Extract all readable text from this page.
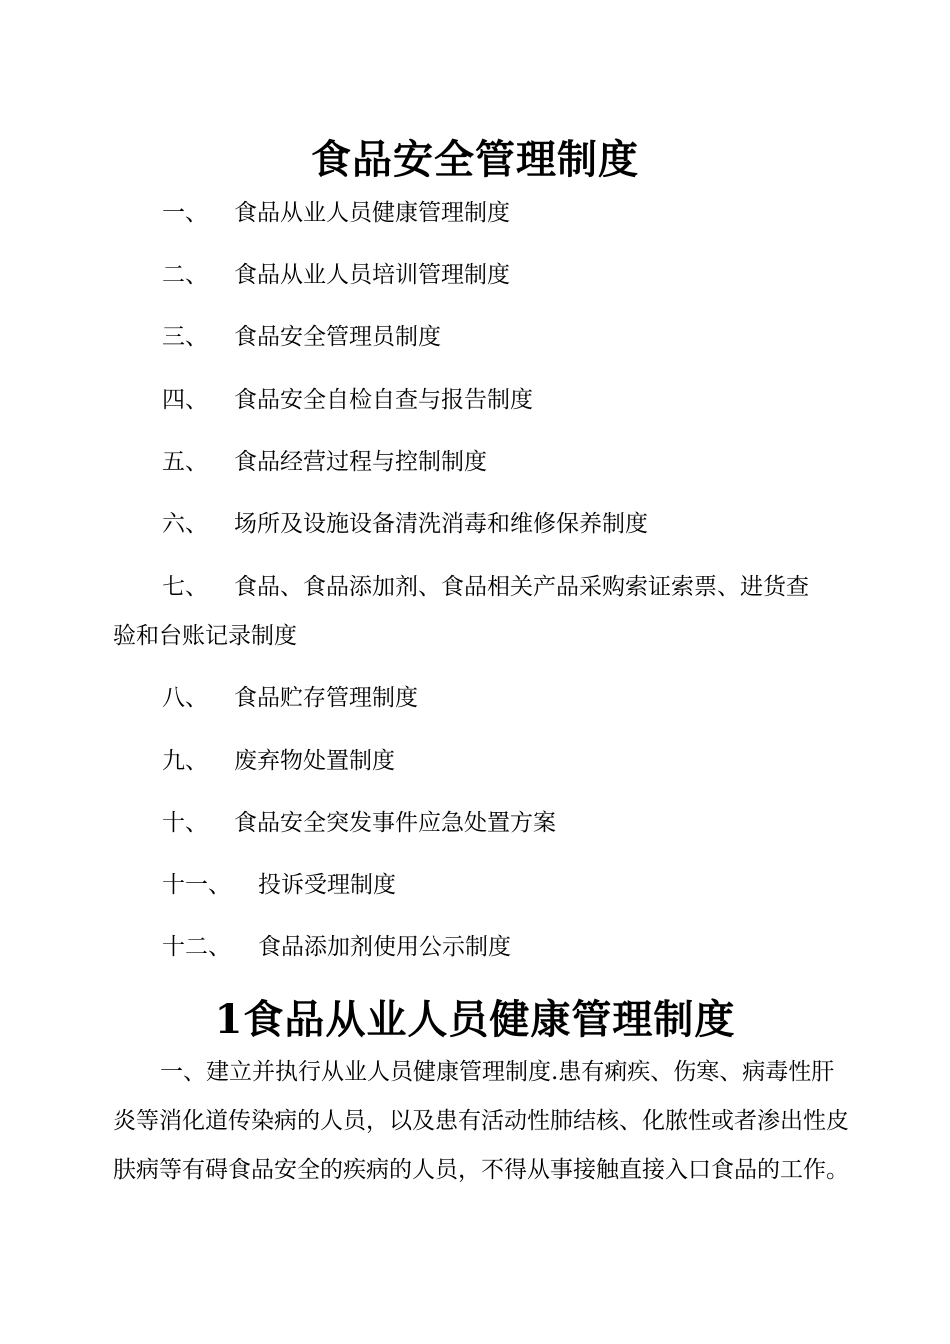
食品安全管理制度
一、 食品从业人员健康管理制度
二、 食品从业人员培训管理制度
三、 食品安全管理员制度
四、 食品安全自检自查与报告制度
五、 食品经营过程与控制制度
六、 场所及设施设备清洗消毒和维修保养制度
七、 食品、食品添加剂、食品相关产品采购索证索票、进货查
验和台账记录制度
八、 食品贮存管理制度
九、 废弃物处置制度
十、 食品安全突发事件应急处置方案
十一、 投诉受理制度
十二、 食品添加剂使用公示制度
1食品从业人员健康管理制度
一、建立并执行从业人员健康管理制度.患有痢疾、伤寒、病毒性肝
炎等消化道传染病的人员，以及患有活动性肺结核、化脓性或者渗出性皮
肤病等有碍食品安全的疾病的人员，不得从事接触直接入口食品的工作。
